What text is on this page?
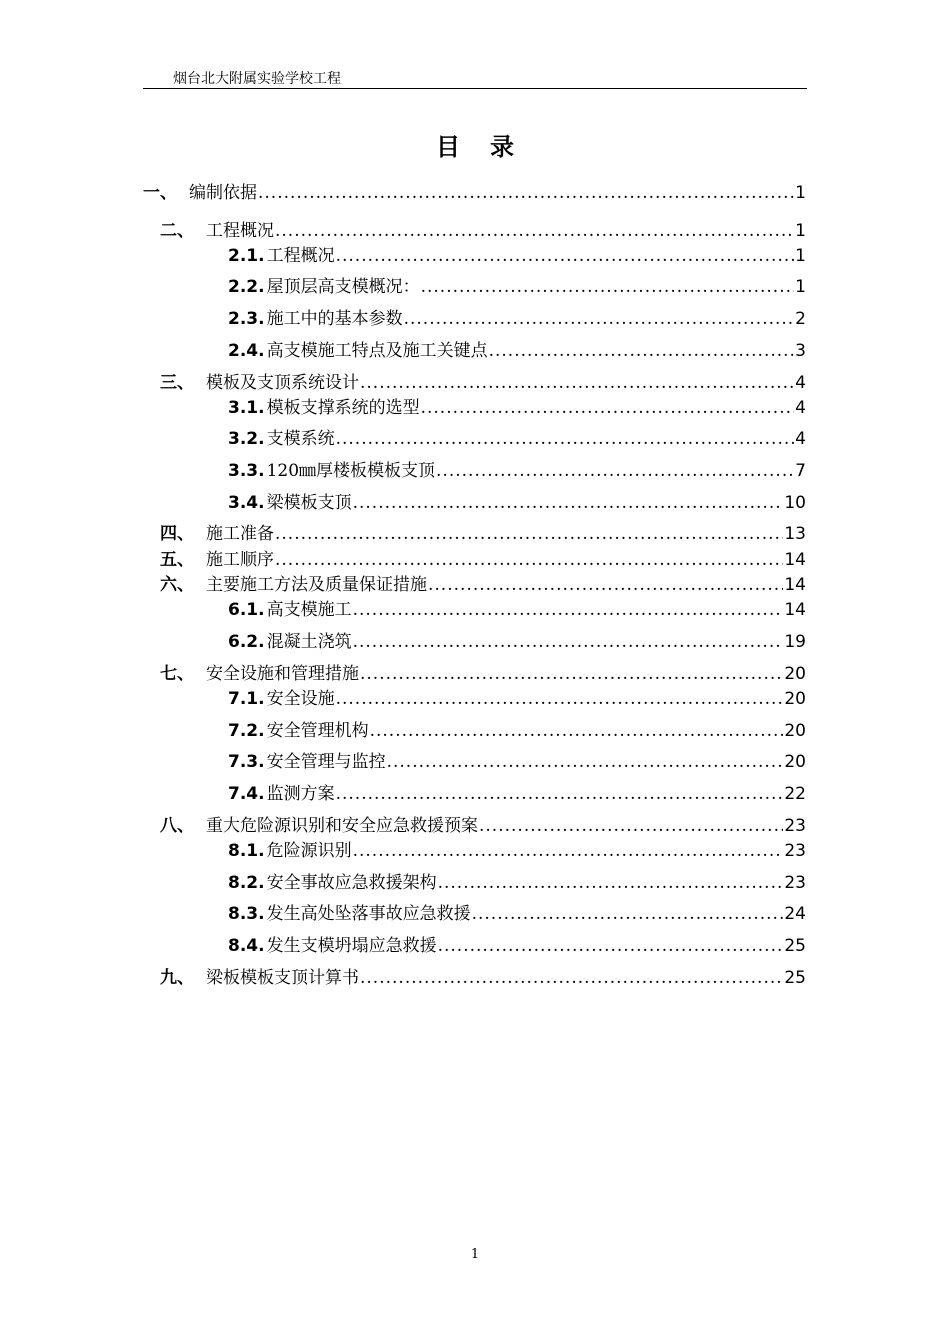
烟台北大附属实验学校工程
目录
一、 编制依据 .....	1
二、 工程概况 .....	1
2.1. 工程概况 .....	1
2.2. 屋顶层高支模概况： .....	1
2.3. 施工中的基本参数 .....	2
2.4. 高支模施工特点及施工关键点 .....	3
三、 模板及支顶系统设计 .....	4
3.1. 模板支撑系统的选型 .....	4
3.2. 支模系统 .....	4
3.3. 120㎜厚楼板模板支顶 .....	7
3.4. 梁模板支顶 .....	10
四、 施工准备 .....	13
五、 施工顺序 .....	14
六、 主要施工方法及质量保证措施 .....	14
6.1. 高支模施工 .....	14
6.2. 混凝土浇筑 .....	19
七、 安全设施和管理措施 .....	20
7.1. 安全设施 .....	20
7.2. 安全管理机构 .....	20
7.3. 安全管理与监控 .....	20
7.4. 监测方案 .....	22
八、 重大危险源识别和安全应急救援预案 .....	23
8.1. 危险源识别 .....	23
8.2. 安全事故应急救援架构 .....	23
8.3. 发生高处坠落事故应急救援 .....	24
8.4. 发生支模坍塌应急救援 .....	25
九、 梁板模板支顶计算书 .....	25
1
